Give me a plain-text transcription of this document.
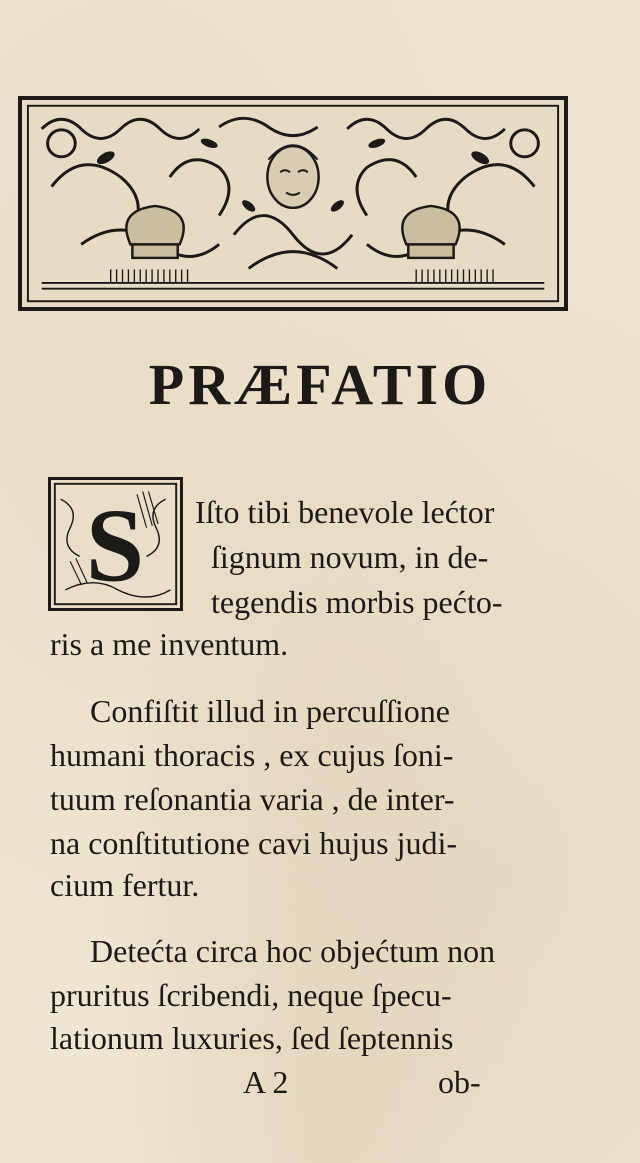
PRÆFATIO
S Iſto tibi benevole lećtor

ſignum novum, in de-

tegendis morbis pećto-

ris a me inventum.

Confiſtit illud in percuſſione

humani thoracis , ex cujus ſoni-

tuum reſonantia varia , de inter-

na conſtitutione cavi hujus judi-

cium fertur.

Detećta circa hoc objećtum non

pruritus ſcribendi, neque ſpecu-

lationum luxuries, ſed ſeptennis

A 2	ob-
